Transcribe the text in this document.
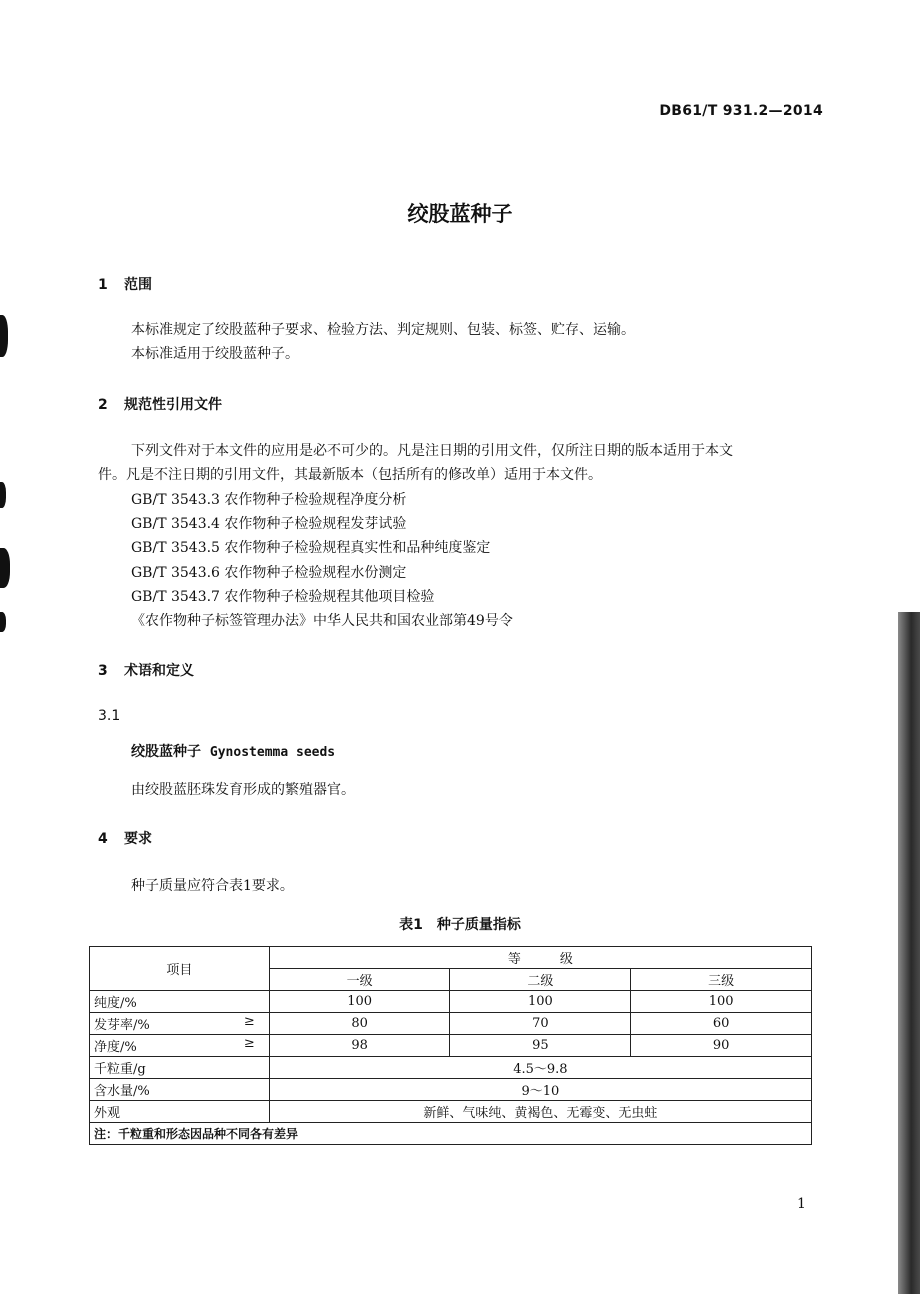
DB61/T 931.2—2014
绞股蓝种子
1 范围
本标准规定了绞股蓝种子要求、检验方法、判定规则、包装、标签、贮存、运输。
本标准适用于绞股蓝种子。
2 规范性引用文件
下列文件对于本文件的应用是必不可少的。凡是注日期的引用文件，仅所注日期的版本适用于本文
件。凡是不注日期的引用文件，其最新版本（包括所有的修改单）适用于本文件。
GB/T 3543.3 农作物种子检验规程净度分析
GB/T 3543.4 农作物种子检验规程发芽试验
GB/T 3543.5 农作物种子检验规程真实性和品种纯度鉴定
GB/T 3543.6 农作物种子检验规程水份测定
GB/T 3543.7 农作物种子检验规程其他项目检验
《农作物种子标签管理办法》中华人民共和国农业部第49号令
3 术语和定义
3.1
绞股蓝种子 Gynostemma seeds
由绞股蓝胚珠发育形成的繁殖器官。
4 要求
种子质量应符合表1要求。
表1　种子质量指标
项目	等　　　级		
	一级	二级	三级
纯度/%	100	100	100
发芽率/% ≥	80	70	60
净度/% ≥	98	95	90
千粒重/g	4.5～9.8		
含水量/%	9～10		
外观	新鲜、气味纯、黄褐色、无霉变、无虫蛀		
注：千粒重和形态因品种不同各有差异			
1
